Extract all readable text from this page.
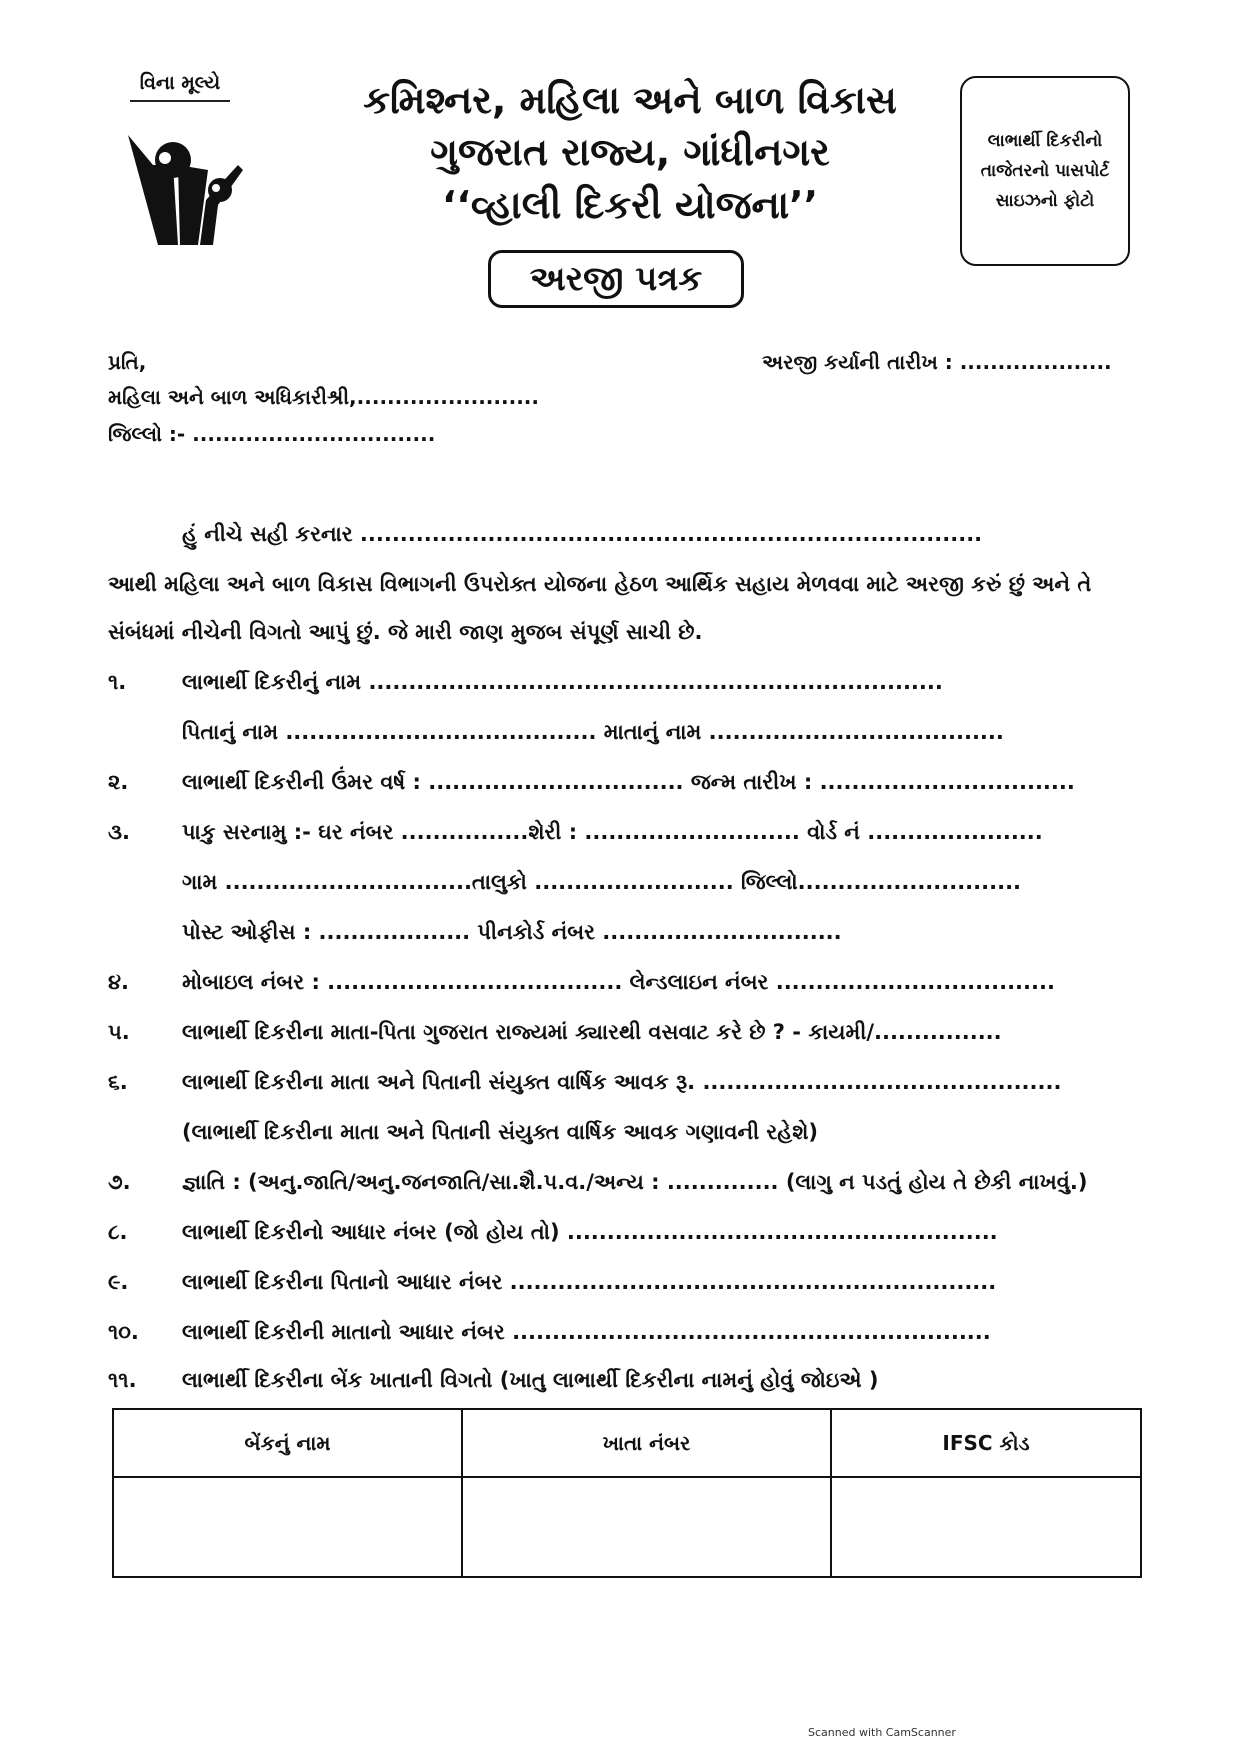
વિના મૂલ્યે	કમિશ્નર, મહિલા અને બાળ વિકાસ
ગુજરાત રાજ્ય, ગાંધીનગર
‘‘વ્હાલી દિકરી યોજના’’
અરજી પત્રક
લાભાર્થી દિકરીનો તાજેતરનો પાસપોર્ટ સાઇઝનો ફોટો
પ્રતિ,
મહિલા અને બાળ અધિકારીશ્રી,........................
જિલ્લો :- ................................
અરજી કર્યાની તારીખ : ....................
હું નીચે સહી કરનાર ..............................................................................
આથી મહિલા અને બાળ વિકાસ વિભાગની ઉપરોક્ત યોજના હેઠળ આર્થિક સહાય મેળવવા માટે અરજી કરું છું અને તે
સંબંધમાં નીચેની વિગતો આપું છું. જે મારી જાણ મુજબ સંપૂર્ણ સાચી છે.
૧.	લાભાર્થી દિકરીનું નામ ........................................................................
પિતાનું નામ ....................................... માતાનું નામ .....................................
૨.	લાભાર્થી દિકરીની ઉંમર વર્ષ : ................................ જન્મ તારીખ : ................................
૩. પાકુ સરનામુ :- ઘર નંબર ................શેરી : ........................... વોર્ડ નં ......................
ગામ ...............................તાલુકો ......................... જિલ્લો............................
પોસ્ટ ઓફીસ : ................... પીનકોર્ડ નંબર ..............................
૪.	મોબાઇલ નંબર : ..................................... લેન્ડલાઇન નંબર ...................................
૫. લાભાર્થી દિકરીના માતા-પિતા ગુજરાત રાજ્યમાં ક્યારથી વસવાટ કરે છે ? - કાયમી/................
૬.	લાભાર્થી દિકરીના માતા અને પિતાની સંયુક્ત વાર્ષિક આવક રૂ. .............................................
(લાભાર્થી દિકરીના માતા અને પિતાની સંયુક્ત વાર્ષિક આવક ગણાવની રહેશે)
૭. જ્ઞાતિ : (અનુ.જાતિ/અનુ.જનજાતિ/સા.શૈ.પ.વ./અન્ય : .............. (લાગુ ન પડતું હોય તે છેકી નાખવું.)
૮.	લાભાર્થી દિકરીનો આધાર નંબર (જો હોય તો) ......................................................
૯.	લાભાર્થી દિકરીના પિતાનો આધાર નંબર .............................................................
૧૦. લાભાર્થી દિકરીની માતાનો આધાર નંબર ............................................................
૧૧. લાભાર્થી દિકરીના બેંક ખાતાની વિગતો (ખાતુ લાભાર્થી દિકરીના નામનું હોવું જોઇએ )
બેંકનું નામ	ખાતા નંબર	IFSC કોડ

Scanned with CamScanner
